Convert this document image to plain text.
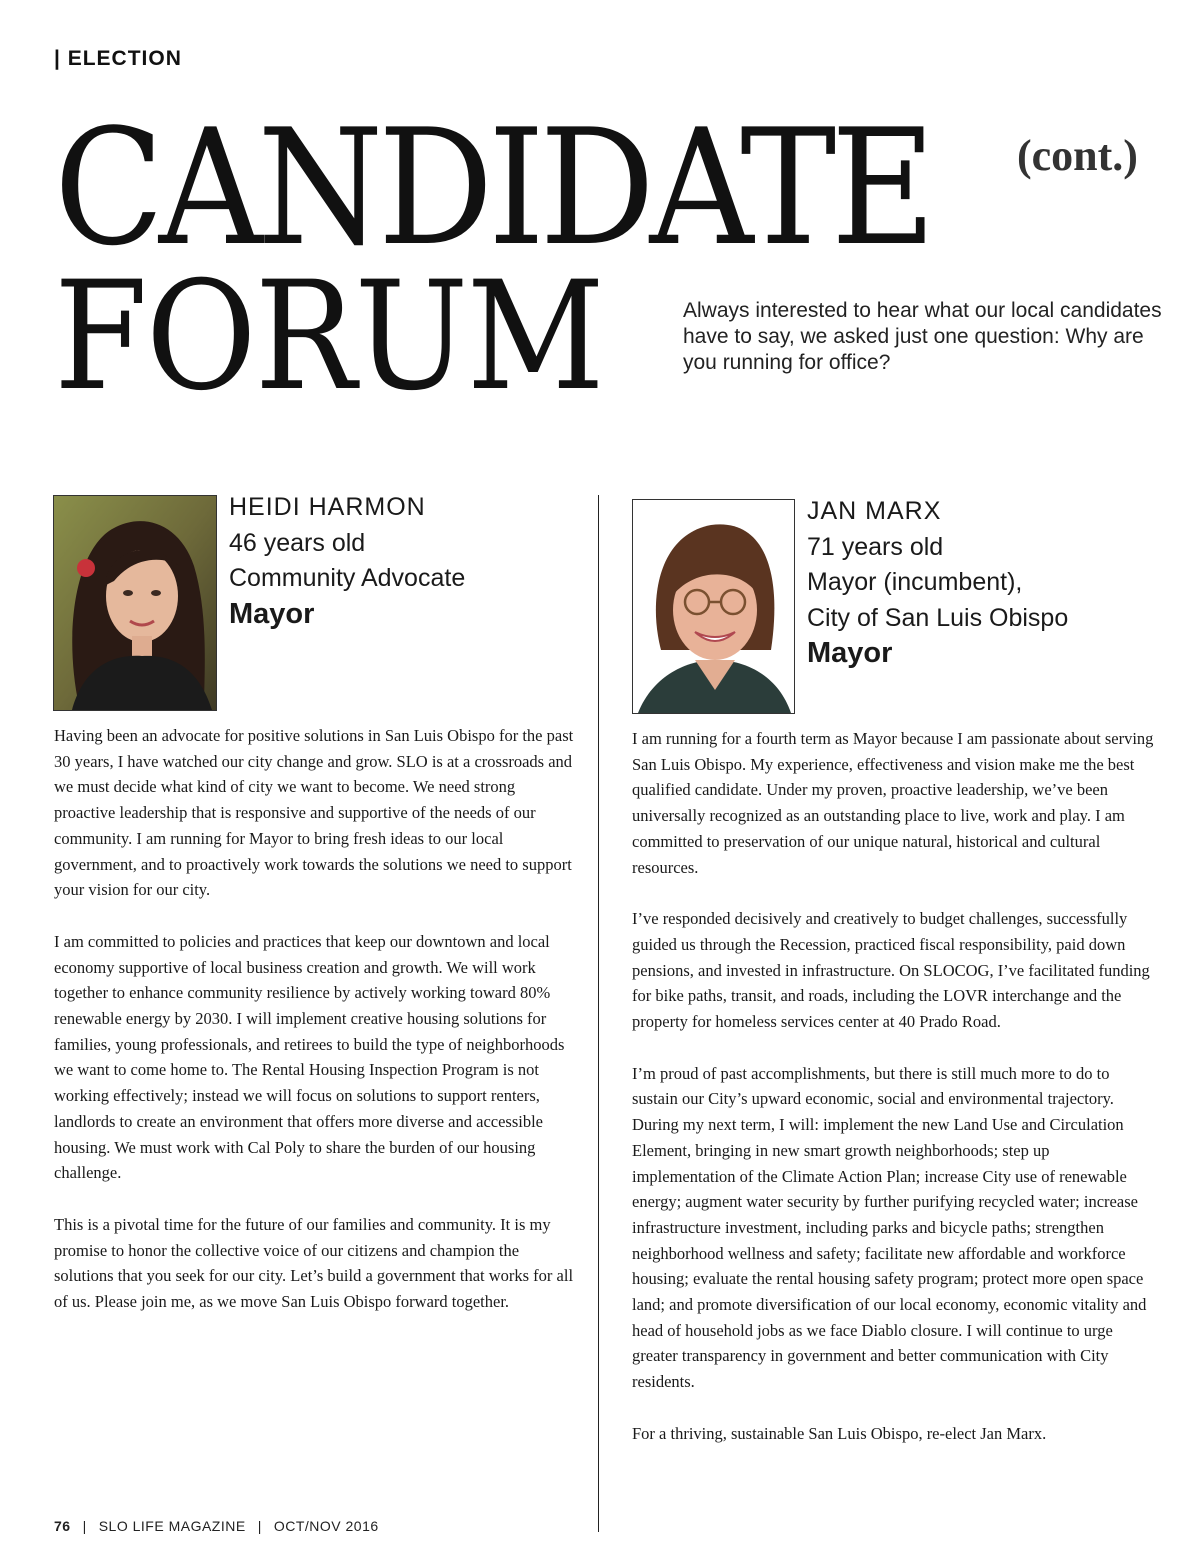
| ELECTION
CANDIDATE (cont.)
FORUM	Always interested to hear what our local candidates have to say, we asked just one question: Why are you running for office?
HEIDI HARMON
46 years old
Community Advocate
Mayor

Having been an advocate for positive solutions in San Luis Obispo for the past 30 years, I have watched our city change and grow. SLO is at a crossroads and we must decide what kind of city we want to become. We need strong proactive leadership that is responsive and supportive of the needs of our community. I am running for Mayor to bring fresh ideas to our local government, and to proactively work towards the solutions we need to support your vision for our city.

I am committed to policies and practices that keep our downtown and local economy supportive of local business creation and growth. We will work together to enhance community resilience by actively working toward 80% renewable energy by 2030. I will implement creative housing solutions for families, young professionals, and retirees to build the type of neighborhoods we want to come home to. The Rental Housing Inspection Program is not working effectively; instead we will focus on solutions to support renters, landlords to create an environment that offers more diverse and accessible housing. We must work with Cal Poly to share the burden of our housing challenge.

This is a pivotal time for the future of our families and community. It is my promise to honor the collective voice of our citizens and champion the solutions that you seek for our city. Let’s build a government that works for all of us. Please join me, as we move San Luis Obispo forward together.

JAN MARX
71 years old
Mayor (incumbent),
City of San Luis Obispo
Mayor

I am running for a fourth term as Mayor because I am passionate about serving San Luis Obispo. My experience, effectiveness and vision make me the best qualified candidate. Under my proven, proactive leadership, we’ve been universally recognized as an outstanding place to live, work and play. I am committed to preservation of our unique natural, historical and cultural resources.

I’ve responded decisively and creatively to budget challenges, successfully guided us through the Recession, practiced fiscal responsibility, paid down pensions, and invested in infrastructure. On SLOCOG, I’ve facilitated funding for bike paths, transit, and roads, including the LOVR interchange and the property for homeless services center at 40 Prado Road.

I’m proud of past accomplishments, but there is still much more to do to sustain our City’s upward economic, social and environmental trajectory. During my next term, I will: implement the new Land Use and Circulation Element, bringing in new smart growth neighborhoods; step up implementation of the Climate Action Plan; increase City use of renewable energy; augment water security by further purifying recycled water; increase infrastructure investment, including parks and bicycle paths; strengthen neighborhood wellness and safety; facilitate new affordable and workforce housing; evaluate the rental housing safety program; protect more open space land; and promote diversification of our local economy, economic vitality and head of household jobs as we face Diablo closure. I will continue to urge greater transparency in government and better communication with City residents.

For a thriving, sustainable San Luis Obispo, re-elect Jan Marx.

76 | SLO LIFE MAGAZINE | OCT/NOV 2016
